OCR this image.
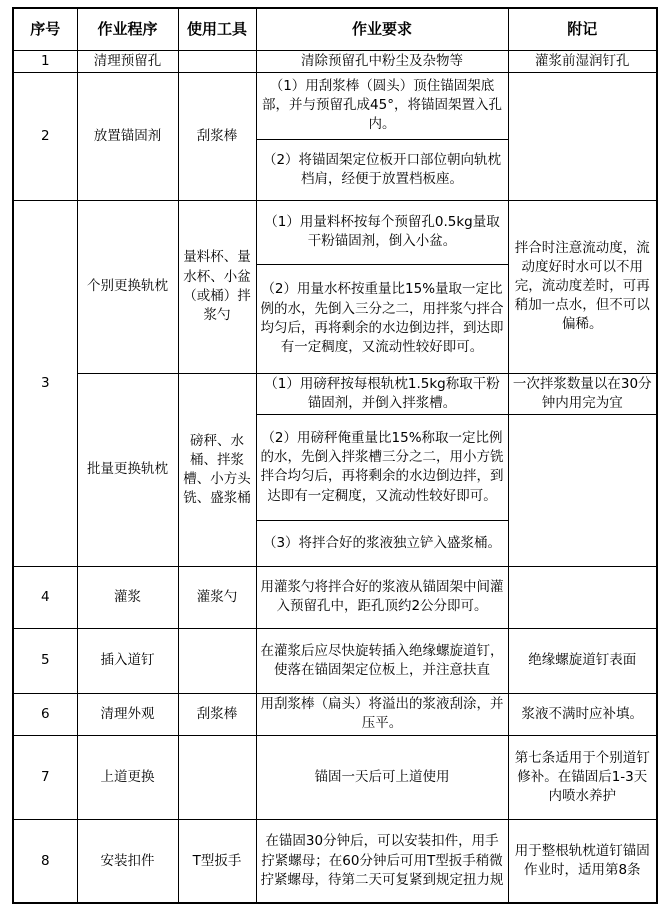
序号	作业程序	使用工具	作业要求	附记
1	清理预留孔		清除预留孔中粉尘及杂物等	灌浆前湿润钉孔
2	放置锚固剂	刮浆棒	（1）用刮浆棒（圆头）顶住锚固架底部，并与预留孔成45°，将锚固架置入孔内。	
			（2）将锚固架定位板开口部位朝向轨枕档肩，经便于放置档板座。	
3	个别更换轨枕	量料杯、量水杯、小盆（或桶）拌浆勺	（1）用量料杯按每个预留孔0.5kg量取干粉锚固剂，倒入小盆。	拌合时注意流动度，流动度好时水可以不用完，流动度差时，可再稍加一点水，但不可以偏稀。
			（2）用量水杯按重量比15%量取一定比例的水，先倒入三分之二，用拌浆勺拌合均匀后，再将剩余的水边倒边拌，到达即有一定稠度，又流动性较好即可。	
	批量更换轨枕	磅秤、水桶、拌浆槽、小方头铣、盛浆桶	（1）用磅秤按每根轨枕1.5kg称取干粉锚固剂，并倒入拌浆槽。	一次拌浆数量以在30分钟内用完为宜
			（2）用磅秤俺重量比15%称取一定比例的水，先倒入拌浆槽三分之二，用小方铣拌合均匀后，再将剩余的水边倒边拌，到达即有一定稠度，又流动性较好即可。	
			（3）将拌合好的浆液独立铲入盛浆桶。	
4	灌浆	灌浆勺	用灌浆勺将拌合好的浆液从锚固架中间灌入预留孔中，距孔顶约2公分即可。	
5	插入道钉		在灌浆后应尽快旋转插入绝缘螺旋道钉，使落在锚固架定位板上，并注意扶直	绝缘螺旋道钉表面
6	清理外观	刮浆棒	用刮浆棒（扁头）将溢出的浆液刮涂，并压平。	浆液不满时应补填。
7	上道更换		锚固一天后可上道使用	第七条适用于个别道钉修补。在锚固后1-3天内喷水养护
8	安装扣件	T型扳手	在锚固30分钟后，可以安装扣件，用手拧紧螺母；在60分钟后可用T型扳手稍微拧紧螺母，待第二天可复紧到规定扭力规	用于整根轨枕道钉锚固作业时，适用第8条
